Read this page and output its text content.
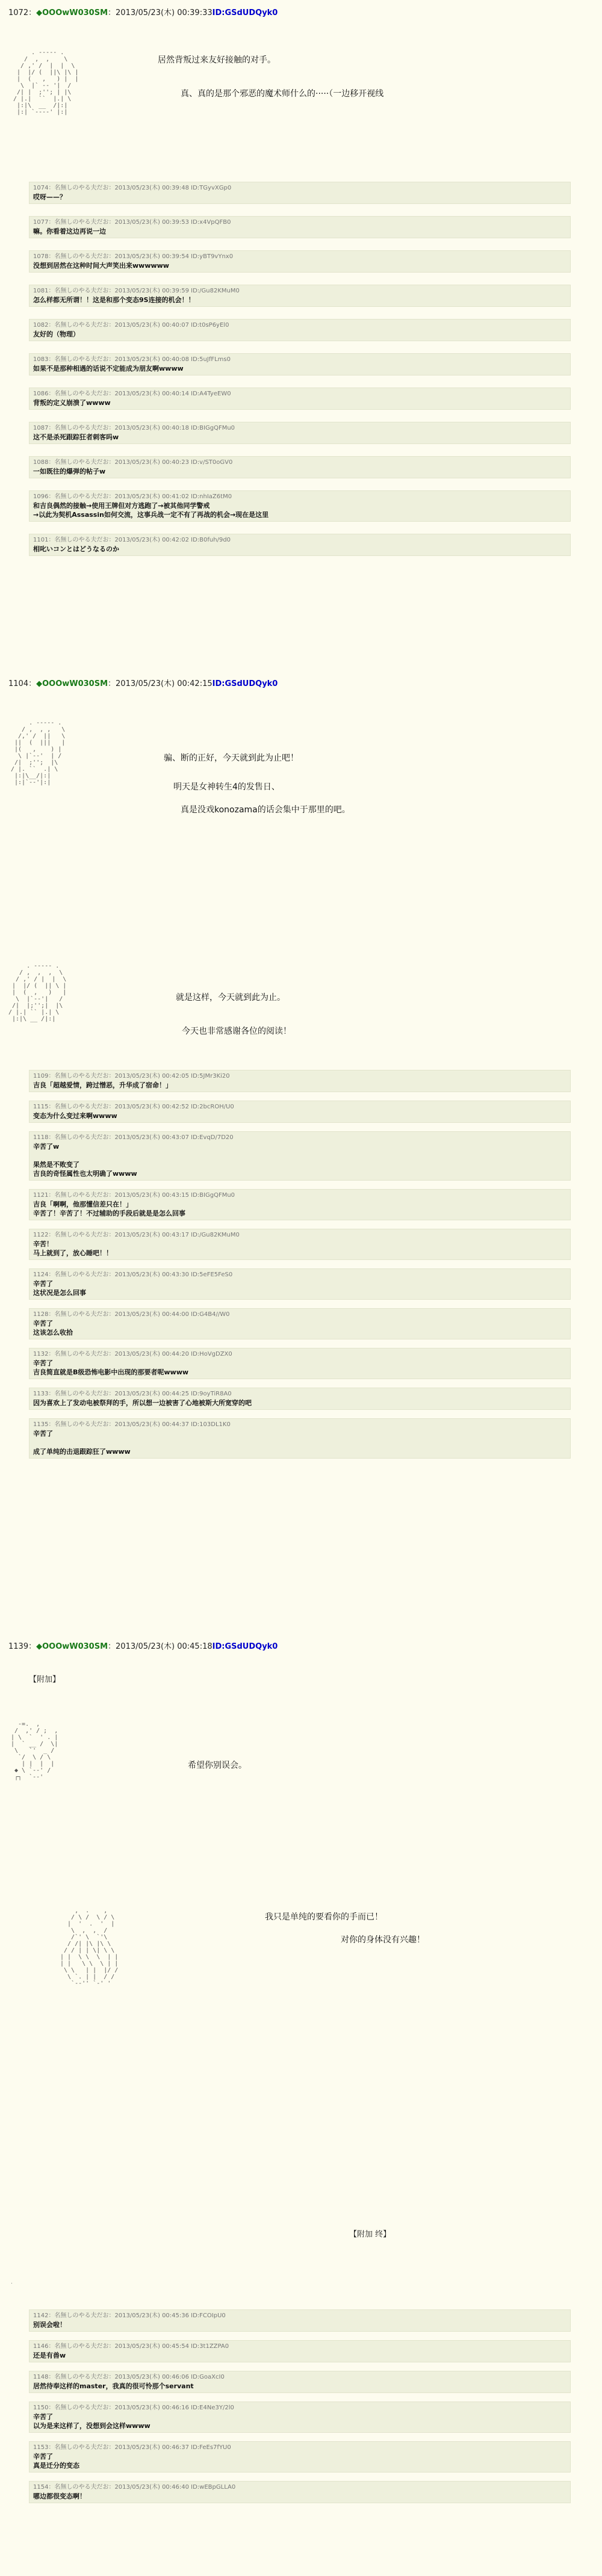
1072：◆OOOwW030SM：2013/05/23(木) 00:39:33ID:GSdUDQyk0
. ----- .
/  ,  ,    \
/ ,' /  |  |  \
|  |/ (  ||\ |\ |
|  (   ,   ) |  |
\  |` -- '|  /
/| |  ;''; | |\
/ |.|  ``  |.| \
|:|\  __  /|:|
|:| `----' |:|
居然背叛过来友好接触的对手。
真、真的是那个邪恶的魔术师什么的·····（一边移开视线
1074：名無しのやる夫だお：2013/05/23(木) 00:39:48 ID:TGyvXGp0
哎呀——？
1077：名無しのやる夫だお：2013/05/23(木) 00:39:53 ID:x4VpQFB0
嘛。你看着这边再说一边
1078：名無しのやる夫だお：2013/05/23(木) 00:39:54 ID:yBT9vYnx0
没想到居然在这种时间大声笑出来wwwwww
1081：名無しのやる夫だお：2013/05/23(木) 00:39:59 ID:/Gu82KMuM0
怎么样都无所谓！！这是和那个变态9S连接的机会！！
1082：名無しのやる夫だお：2013/05/23(木) 00:40:07 ID:t0sP6yEl0
友好的（物理）
1083：名無しのやる夫だお：2013/05/23(木) 00:40:08 ID:5uJfFLms0
如果不是那种相遇的话说不定能成为朋友啊wwww
1086：名無しのやる夫だお：2013/05/23(木) 00:40:14 ID:A4TyeEW0
背叛的定义崩溃了wwww
1087：名無しのやる夫だお：2013/05/23(木) 00:40:18 ID:BIGgQFMu0
这不是杀死跟踪狂者刺客吗w
1088：名無しのやる夫だお：2013/05/23(木) 00:40:23 ID:v/ST0oGV0
一如既往的爆弹的帖子w
1096：名無しのやる夫だお：2013/05/23(木) 00:41:02 ID:nhIaZ6tM0
和吉良偶然的接触→使用王牌但对方逃跑了→被其他同学警戒
→以此为契机Assassin如何交流，这事兵战一定不有了再战的机会→现在是这里
1101：名無しのやる夫だお：2013/05/23(木) 00:42:02 ID:B0fuh/9d0
相叱いコンとはどうなるのか
1104：◆OOOwW030SM：2013/05/23(木) 00:42:15ID:GSdUDQyk0
. ----- .
/ ,  , ,   \
/,' /  ||   \
||  (  |||   |
|(   ,    ) |
\ |`--'  | /
/|  ;'';  |\
/ |. ``  .| \
|:|\__/|:|
|:|`--'|:|
骗、断的正好，今天就到此为止吧！
明天是女神转生4的发售日、
真是没戏konozama的话会集中于那里的吧。
. ----- .
/ ,  ,  ,  \
/ ,' / |  |  \
|  |/ (  || \ |
|  (  ,   )   |
\  |`--'|   /
/|  |;'';|  |\
/ |.| `` |.| \
|:|\ __ /|:|
就是这样，今天就到此为止。
今天也非常感谢各位的阅读！
1109：名無しのやる夫だお：2013/05/23(木) 00:42:05 ID:5JMr3Ki20
吉良「超越爱情，跨过憎恶，升华成了宿命！」
1115：名無しのやる夫だお：2013/05/23(木) 00:42:52 ID:2bcROH/U0
变态为什么变过来啊wwww
1118：名無しのやる夫だお：2013/05/23(木) 00:43:07 ID:EvqD/7D20
辛苦了w

果然是不败变了
吉良的奇怪属性也太明确了wwww
1121：名無しのやる夫だお：2013/05/23(木) 00:43:15 ID:BIGgQFMu0
吉良「啊啊，他那懂信差只在！」
辛苦了！辛苦了！不过辅助的手段后就是是怎么回事
1122：名無しのやる夫だお：2013/05/23(木) 00:43:17 ID:/Gu82KMuM0
辛苦！
马上就到了，放心睡吧！！
1124：名無しのやる夫だお：2013/05/23(木) 00:43:30 ID:5eFE5FeS0
辛苦了
这状况是怎么回事
1128：名無しのやる夫だお：2013/05/23(木) 00:44:00 ID:G4B4//W0
辛苦了
这该怎么收拾
1132：名無しのやる夫だお：2013/05/23(木) 00:44:20 ID:HoVgDZX0
辛苦了
吉良简直就是B级恐怖电影中出现的那要者呢wwww
1133：名無しのやる夫だお：2013/05/23(木) 00:44:25 ID:9oyTiR8A0
因为喜欢上了发动电被祭拜的手，所以想一边被害了心地被斯大所宽穿的吧
1135：名無しのやる夫だお：2013/05/23(木) 00:44:37 ID:103DL1K0
辛苦了

成了单纯的击退跟踪狂了wwww
1139：◆OOOwW030SM：2013/05/23(木) 00:45:18ID:GSdUDQyk0
【附加】
-=.  ,
/  ,' / ;  ,
| \  `  ' . |
|  ` __ /  \|
\   `'  _ /
`/  \ / \
| |  |  |
◆ \ `--' /
┌┐  `--'
希望你别误会。
,  .    ,
/ \ /  \ / \
|  '  .  '  |
\  ,  ,  /
/`' \  `'\
/ /| |\ |\ \
/ / | | \| \ \
| |  \ \  \  | |
| |   \ \  \ | |
\ \   | |  |/ /
\ `. | |  / /
`--'' `-' '
我只是单纯的要看你的手而已！
对你的身体没有兴趣！
【附加 终】
.
1142：名無しのやる夫だお：2013/05/23(木) 00:45:36 ID:FCOIpU0
别误会啦！
1146：名無しのやる夫だお：2013/05/23(木) 00:45:54 ID:3t1ZZPA0
还是有兽w
1148：名無しのやる夫だお：2013/05/23(木) 00:46:06 ID:GoaXcI0
居然待奉这样的master，我真的很可怜那个servant
1150：名無しのやる夫だお：2013/05/23(木) 00:46:16 ID:E4Ne3Y/2l0
辛苦了
以为是来这样了，没想到会这样wwww
1153：名無しのやる夫だお：2013/05/23(木) 00:46:37 ID:FeEs7fYU0
辛苦了
真是迁分的变态
1154：名無しのやる夫だお：2013/05/23(木) 00:46:40 ID:wEBpGLLA0
哪边都很变态啊！
